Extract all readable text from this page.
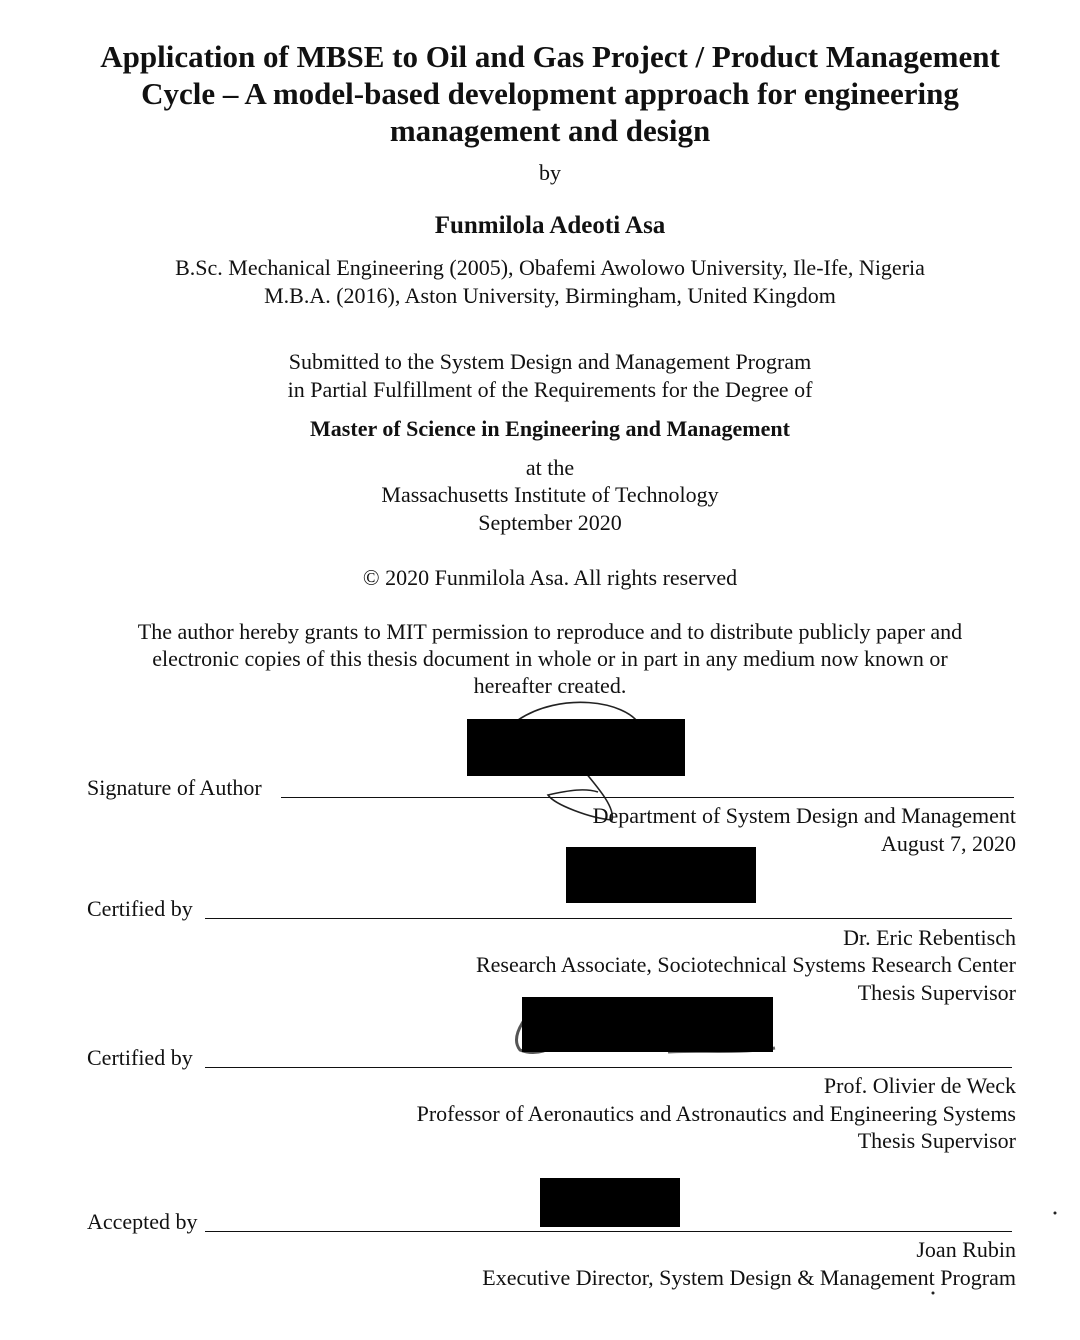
Application of MBSE to Oil and Gas Project / Product Management
Cycle – A model-based development approach for engineering
management and design
by
Funmilola Adeoti Asa
B.Sc. Mechanical Engineering (2005), Obafemi Awolowo University, Ile-Ife, Nigeria
M.B.A. (2016), Aston University, Birmingham, United Kingdom
Submitted to the System Design and Management Program
in Partial Fulfillment of the Requirements for the Degree of
Master of Science in Engineering and Management
at the
Massachusetts Institute of Technology
September 2020
© 2020 Funmilola Asa. All rights reserved
The author hereby grants to MIT permission to reproduce and to distribute publicly paper and
electronic copies of this thesis document in whole or in part in any medium now known or
hereafter created.
Signature of Author
Department of System Design and Management
August 7, 2020
Certified by
Dr. Eric Rebentisch
Research Associate, Sociotechnical Systems Research Center
Thesis Supervisor
Certified by
Prof. Olivier de Weck
Professor of Aeronautics and Astronautics and Engineering Systems
Thesis Supervisor
Accepted by
Joan Rubin
Executive Director, System Design & Management Program
